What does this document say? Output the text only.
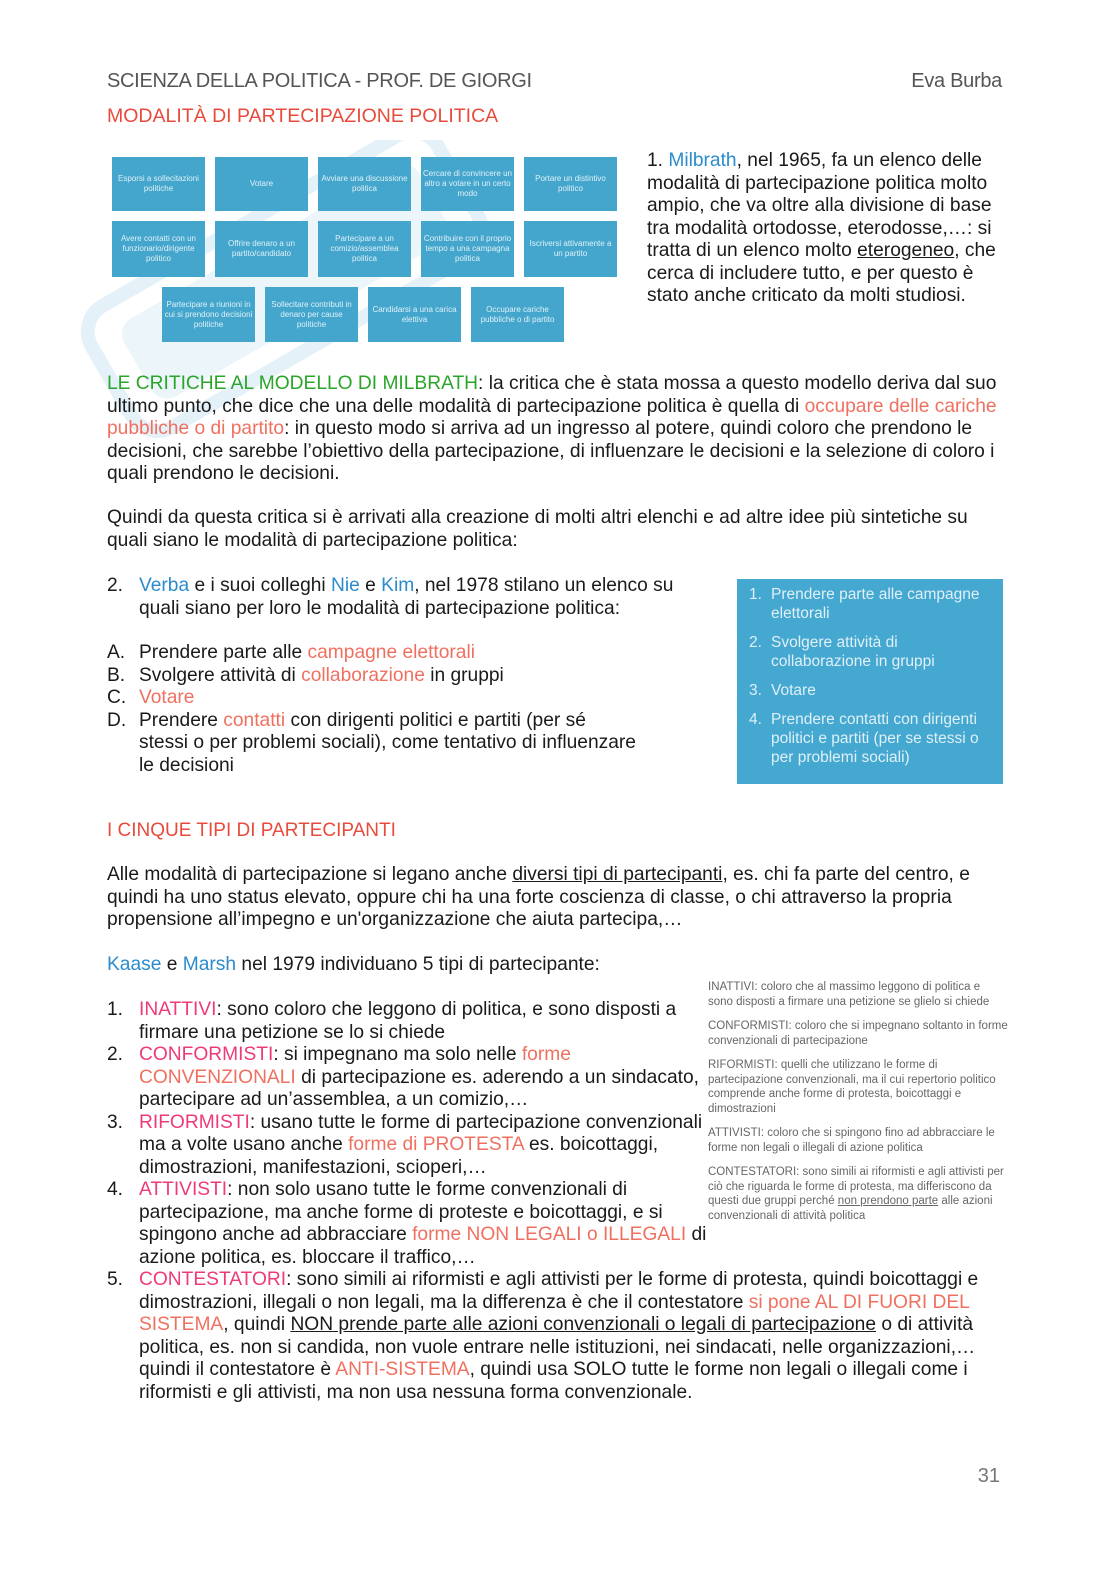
SCIENZA DELLA POLITICA - PROF. DE GIORGI	Eva Burba
MODALITÀ DI PARTECIPAZIONE POLITICA
Esporsi a sollecitazioni politiche
Votare
Avviare una discussione politica
Cercare di convincere un altro a votare in un certo modo
Portare un distintivo politico
Avere contatti con un funzionario/dirigente politico
Offrire denaro a un partito/candidato
Partecipare a un comizio/assemblea politica
Contribuire con il proprio tempo a una campagna politica
Iscriversi attivamente a un partito
Partecipare a riunioni in cui si prendono decisioni politiche
Sollecitare contributi in denaro per cause politiche
Candidarsi a una carica elettiva
Occupare cariche pubbliche o di partito
1. Milbrath, nel 1965, fa un elenco delle modalità di partecipazione politica molto ampio, che va oltre alla divisione di base tra modalità ortodosse, eterodosse,…: si tratta di un elenco molto eterogeneo, che cerca di includere tutto, e per questo è stato anche criticato da molti studiosi.
LE CRITICHE AL MODELLO DI MILBRATH: la critica che è stata mossa a questo modello deriva dal suo ultimo punto, che dice che una delle modalità di partecipazione politica è quella di occupare delle cariche pubbliche o di partito: in questo modo si arriva ad un ingresso al potere, quindi coloro che prendono le decisioni, che sarebbe l’obiettivo della partecipazione, di influenzare le decisioni e la selezione di coloro i quali prendono le decisioni.
Quindi da questa critica si è arrivati alla creazione di molti altri elenchi e ad altre idee più sintetiche su quali siano le modalità di partecipazione politica:
2. Verba e i suoi colleghi Nie e Kim, nel 1978 stilano un elenco su quali siano per loro le modalità di partecipazione politica:
A. Prendere parte alle campagne elettorali
B. Svolgere attività di collaborazione in gruppi
C. Votare
D. Prendere contatti con dirigenti politici e partiti (per sé stessi o per problemi sociali), come tentativo di influenzare le decisioni
1. Prendere parte alle campagne elettorali
2. Svolgere attività di collaborazione in gruppi
3. Votare
4. Prendere contatti con dirigenti politici e partiti (per se stessi o per problemi sociali)
I CINQUE TIPI DI PARTECIPANTI
Alle modalità di partecipazione si legano anche diversi tipi di partecipanti, es. chi fa parte del centro, e quindi ha uno status elevato, oppure chi ha una forte coscienza di classe, o chi attraverso la propria propensione all’impegno e un'organizzazione che aiuta partecipa,…
Kaase e Marsh nel 1979 individuano 5 tipi di partecipante:
1. INATTIVI: sono coloro che leggono di politica, e sono disposti a firmare una petizione se lo si chiede
2. CONFORMISTI: si impegnano ma solo nelle forme CONVENZIONALI di partecipazione es. aderendo a un sindacato, partecipare ad un’assemblea, a un comizio,…
3. RIFORMISTI: usano tutte le forme di partecipazione convenzionali ma a volte usano anche forme di PROTESTA es. boicottaggi, dimostrazioni, manifestazioni, scioperi,…
4. ATTIVISTI: non solo usano tutte le forme convenzionali di partecipazione, ma anche forme di proteste e boicottaggi, e si spingono anche ad abbracciare forme NON LEGALI o ILLEGALI di azione politica, es. bloccare il traffico,…
5. CONTESTATORI: sono simili ai riformisti e agli attivisti per le forme di protesta, quindi boicottaggi e dimostrazioni, illegali o non legali, ma la differenza è che il contestatore si pone AL DI FUORI DEL SISTEMA, quindi NON prende parte alle azioni convenzionali o legali di partecipazione o di attività politica, es. non si candida, non vuole entrare nelle istituzioni, nei sindacati, nelle organizzazioni,… quindi il contestatore è ANTI-SISTEMA, quindi usa SOLO tutte le forme non legali o illegali come i riformisti e gli attivisti, ma non usa nessuna forma convenzionale.

INATTIVI: coloro che al massimo leggono di politica e sono disposti a firmare una petizione se glielo si chiede

CONFORMISTI: coloro che si impegnano soltanto in forme convenzionali di partecipazione

RIFORMISTI: quelli che utilizzano le forme di partecipazione convenzionali, ma il cui repertorio politico comprende anche forme di protesta, boicottaggi e dimostrazioni

ATTIVISTI: coloro che si spingono fino ad abbracciare le forme non legali o illegali di azione politica

CONTESTATORI: sono simili ai riformisti e agli attivisti per ciò che riguarda le forme di protesta, ma differiscono da questi due gruppi perché non prendono parte alle azioni convenzionali di attività politica

31
